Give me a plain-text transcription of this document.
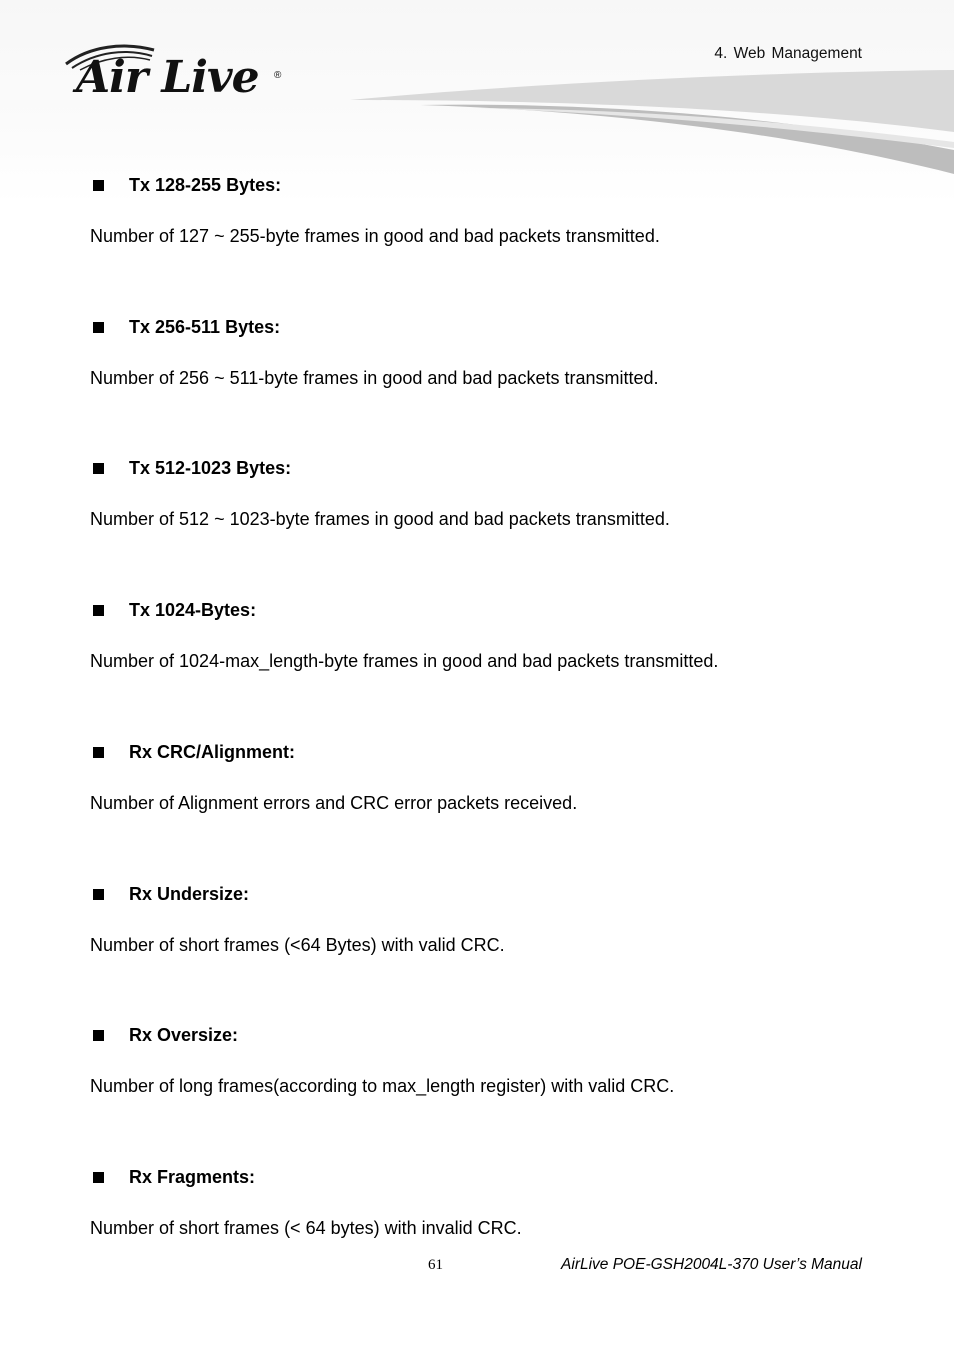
Air Live ®
4. Web Management
Tx 128-255 Bytes:
Number of 127 ~ 255-byte frames in good and bad packets transmitted.
Tx 256-511 Bytes:
Number of 256 ~ 511-byte frames in good and bad packets transmitted.
Tx 512-1023 Bytes:
Number of 512 ~ 1023-byte frames in good and bad packets transmitted.
Tx 1024-Bytes:
Number of 1024-max_length-byte frames in good and bad packets transmitted.
Rx CRC/Alignment:
Number of Alignment errors and CRC error packets received.
Rx Undersize:
Number of short frames (<64 Bytes) with valid CRC.
Rx Oversize:
Number of long frames(according to max_length register) with valid CRC.
Rx Fragments:
Number of short frames (< 64 bytes) with invalid CRC.
61	AirLive POE-GSH2004L-370 User’s Manual
